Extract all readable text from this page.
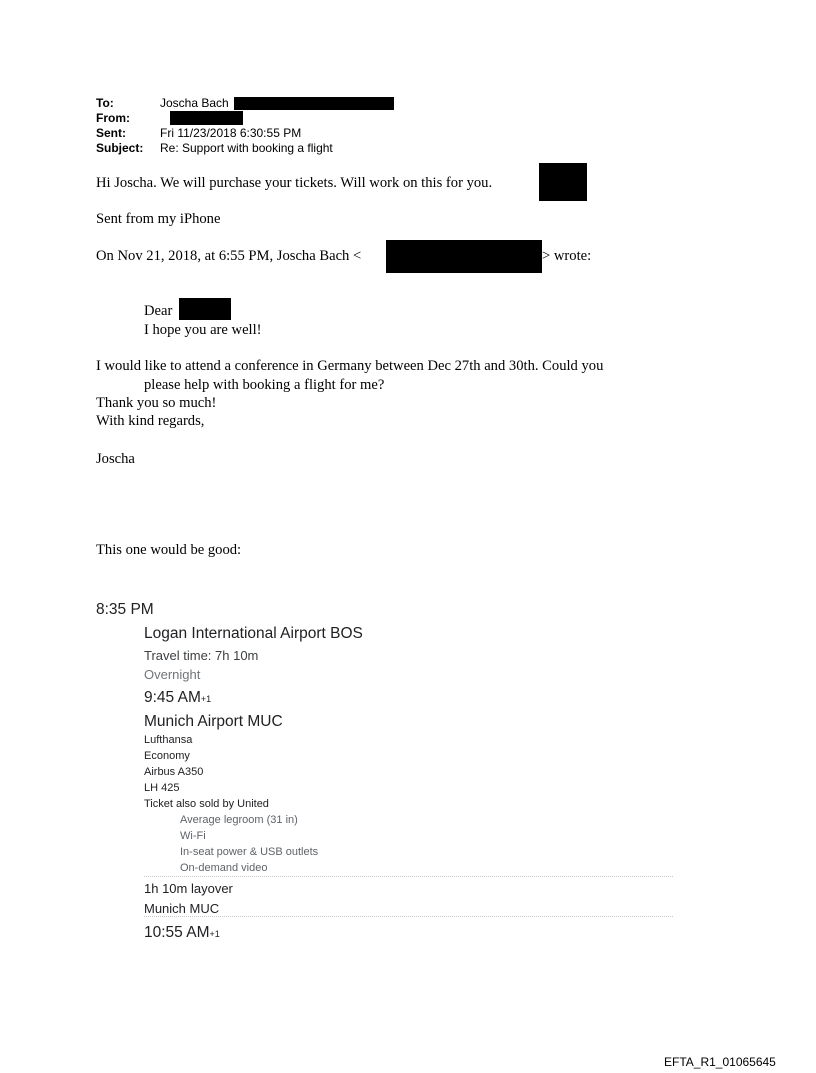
To:	Joscha Bach
From:
Sent:	Fri 11/23/2018 6:30:55 PM
Subject: Re: Support with booking a flight
Hi Joscha. We will purchase your tickets. Will work on this for you.
Sent from my iPhone
On Nov 21, 2018, at 6:55 PM, Joscha Bach <	> wrote:
Dear
I hope you are well!
I would like to attend a conference in Germany between Dec 27th and 30th. Could you
please help with booking a flight for me?
Thank you so much!
With kind regards,
Joscha
This one would be good:
8:35 PM
Logan International Airport BOS
Travel time: 7h 10m
Overnight
9:45 AM+1
Munich Airport MUC
Lufthansa
Economy
Airbus A350
LH 425
Ticket also sold by United
Average legroom (31 in)
Wi-Fi
In-seat power & USB outlets
On-demand video
1h 10m layover
Munich MUC
10:55 AM+1
EFTA_R1_01065645
